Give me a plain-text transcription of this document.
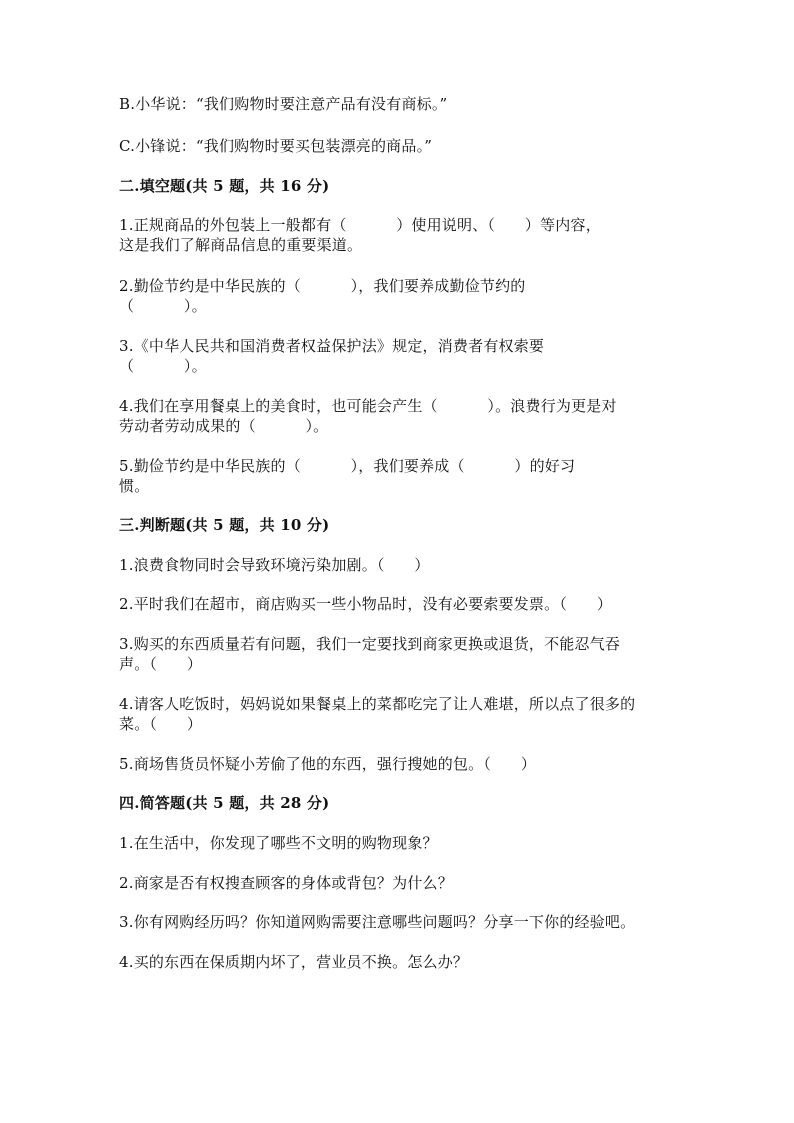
B.小华说：“我们购物时要注意产品有没有商标。”
C.小锋说：“我们购物时要买包装漂亮的商品。”
二.填空题(共 5 题，共 16 分)
1.正规商品的外包装上一般都有（          ）使用说明、（      ）等内容，
这是我们了解商品信息的重要渠道。
2.勤俭节约是中华民族的（          ），我们要养成勤俭节约的
（          ）。
3.《中华人民共和国消费者权益保护法》规定，消费者有权索要
（          ）。
4.我们在享用餐桌上的美食时，也可能会产生（          ）。浪费行为更是对
劳动者劳动成果的（          ）。
5.勤俭节约是中华民族的（          ），我们要养成（          ）的好习
惯。
三.判断题(共 5 题，共 10 分)
1.浪费食物同时会导致环境污染加剧。（      ）
2.平时我们在超市，商店购买一些小物品时，没有必要索要发票。（      ）
3.购买的东西质量若有问题，我们一定要找到商家更换或退货，不能忍气吞
声。（      ）
4.请客人吃饭时，妈妈说如果餐桌上的菜都吃完了让人难堪，所以点了很多的
菜。（      ）
5.商场售货员怀疑小芳偷了他的东西，强行搜她的包。（      ）
四.简答题(共 5 题，共 28 分)
1.在生活中，你发现了哪些不文明的购物现象？
2.商家是否有权搜查顾客的身体或背包？为什么？
3.你有网购经历吗？你知道网购需要注意哪些问题吗？分享一下你的经验吧。
4.买的东西在保质期内坏了，营业员不换。怎么办？
